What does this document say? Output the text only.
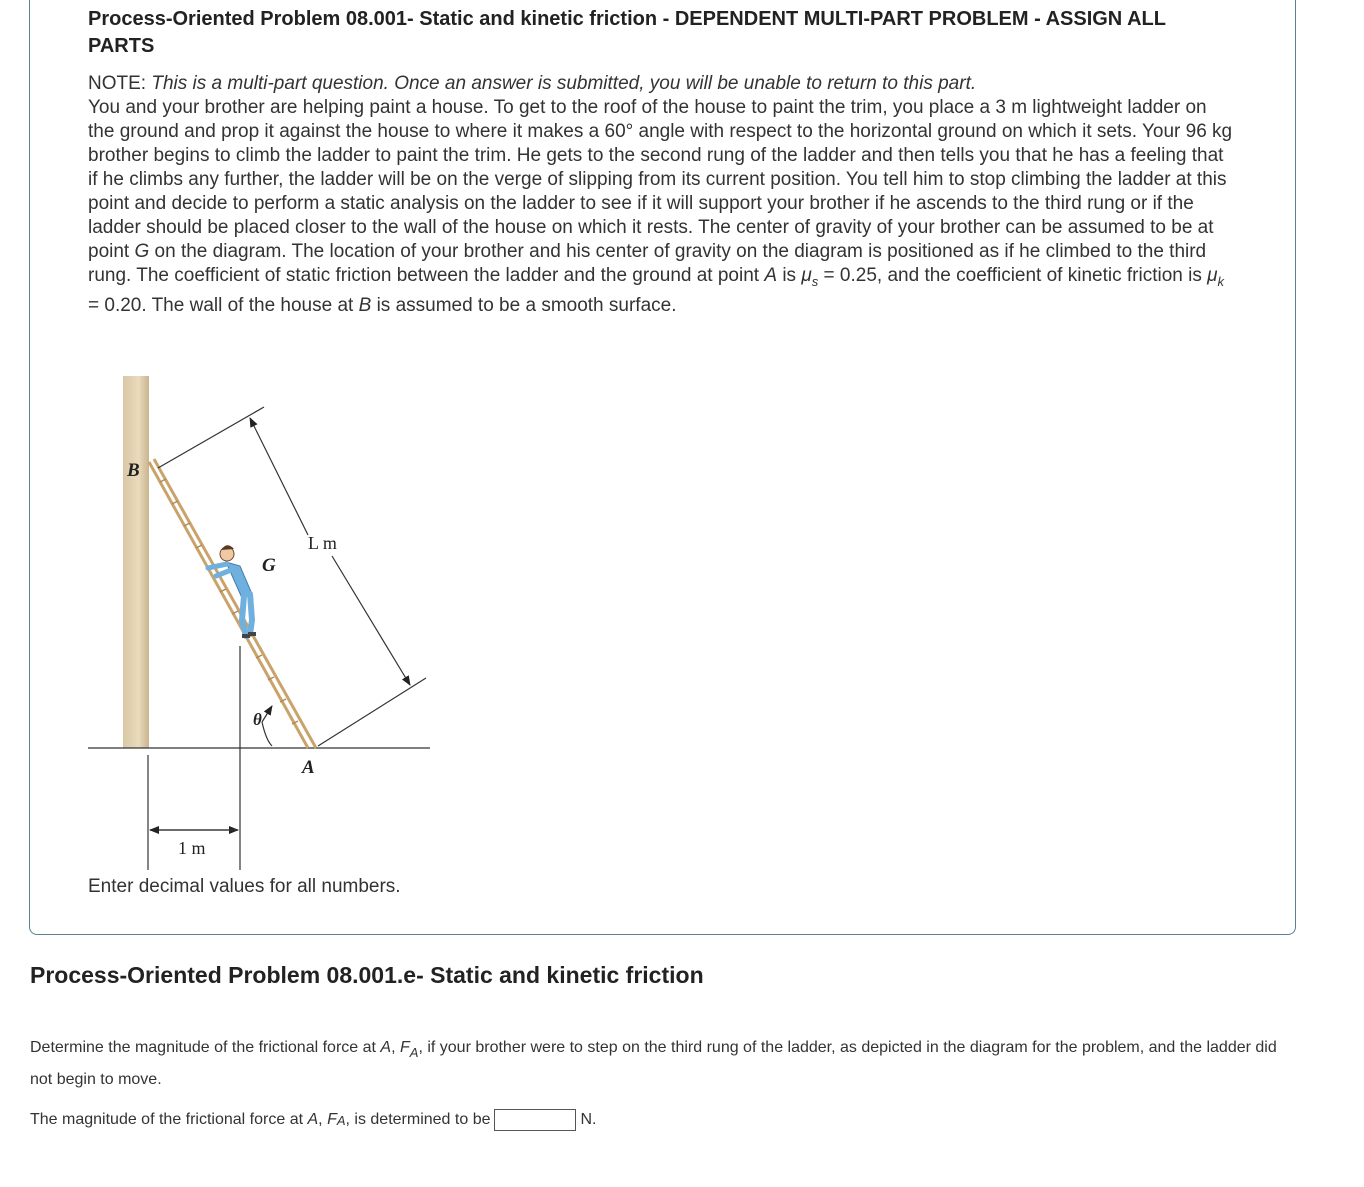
Process-Oriented Problem 08.001- Static and kinetic friction - DEPENDENT MULTI-PART PROBLEM - ASSIGN ALL PARTS

NOTE: This is a multi-part question. Once an answer is submitted, you will be unable to return to this part.
You and your brother are helping paint a house. To get to the roof of the house to paint the trim, you place a 3 m lightweight ladder on the ground and prop it against the house to where it makes a 60° angle with respect to the horizontal ground on which it sets. Your 96 kg brother begins to climb the ladder to paint the trim. He gets to the second rung of the ladder and then tells you that he has a feeling that if he climbs any further, the ladder will be on the verge of slipping from its current position. You tell him to stop climbing the ladder at this point and decide to perform a static analysis on the ladder to see if it will support your brother if he ascends to the third rung or if the ladder should be placed closer to the wall of the house on which it rests. The center of gravity of your brother can be assumed to be at point G on the diagram. The location of your brother and his center of gravity on the diagram is positioned as if he climbed to the third rung. The coefficient of static friction between the ladder and the ground at point A is $\mu_s = 0.25$, and the coefficient of kinetic friction is $\mu_k = 0.20$. The wall of the house at B is assumed to be a smooth surface.

B
G
L m
θ
A
1 m

Enter decimal values for all numbers.

Process-Oriented Problem 08.001.e- Static and kinetic friction

Determine the magnitude of the frictional force at A, $F_A$, if your brother were to step on the third rung of the ladder, as depicted in the diagram for the problem, and the ladder did not begin to move.

The magnitude of the frictional force at
A , F A , is determined to be	N.
